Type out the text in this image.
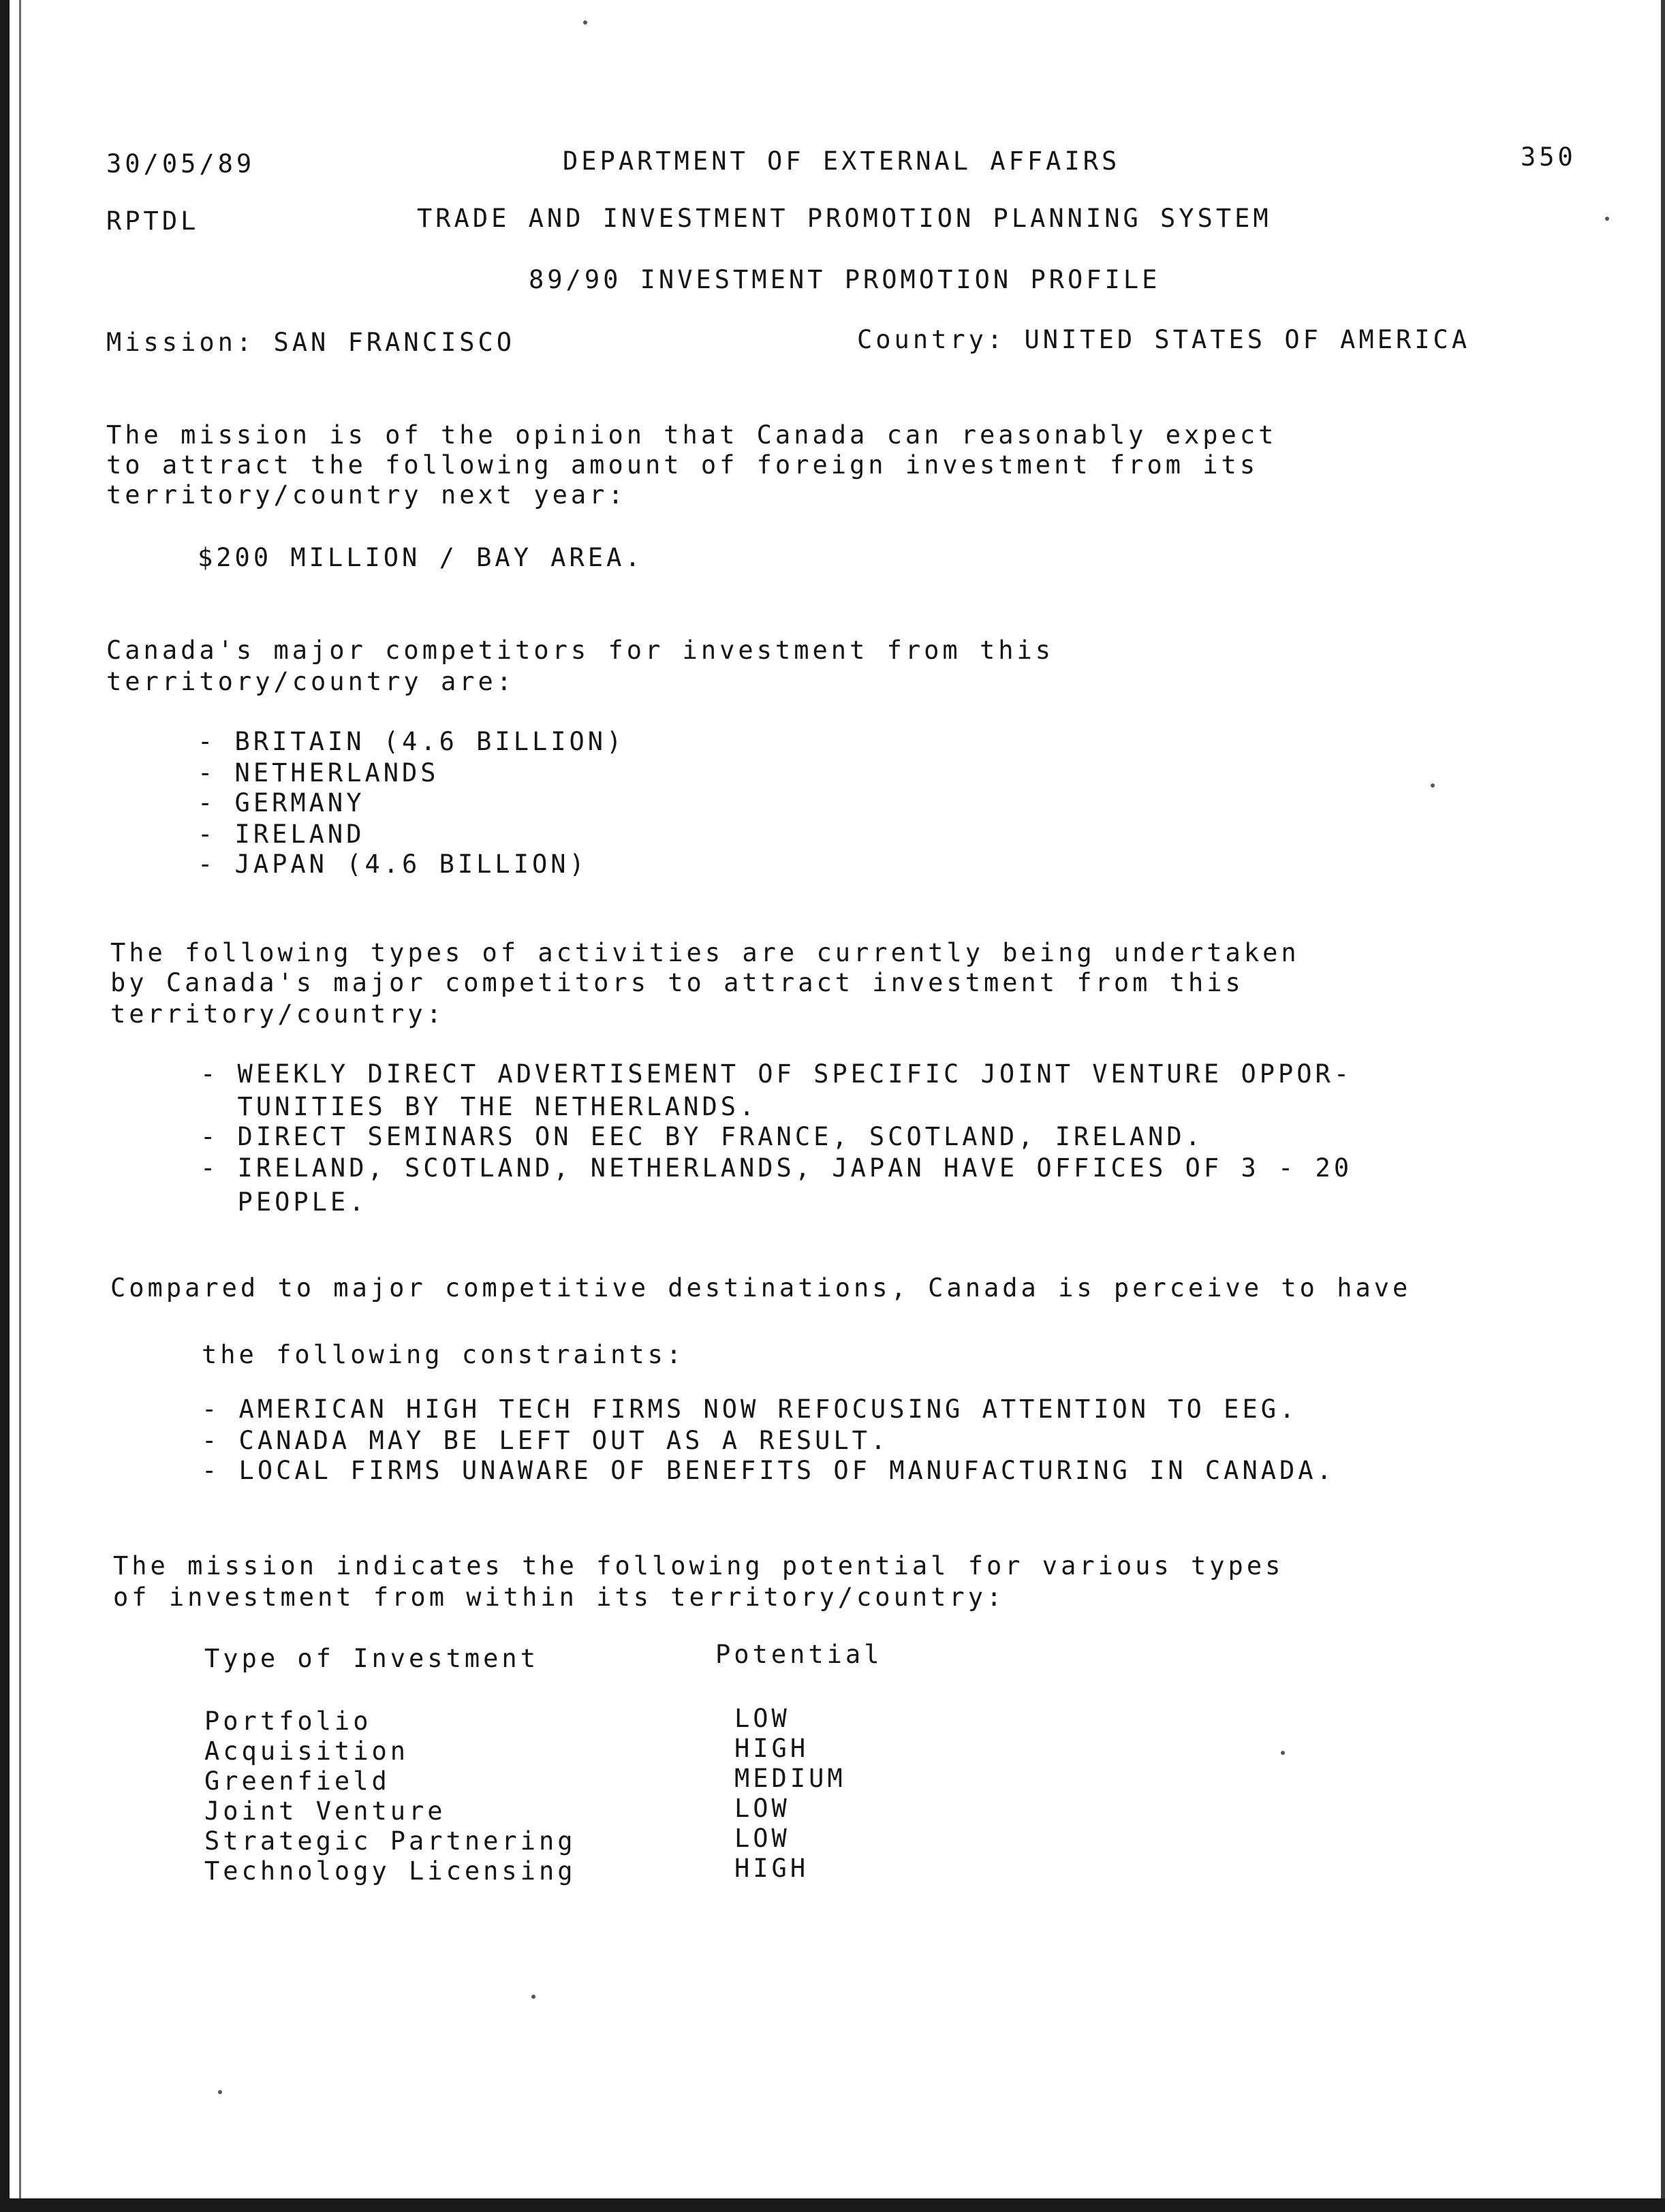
30/05/89	DEPARTMENT OF EXTERNAL AFFAIRS	350
RPTDL	TRADE AND INVESTMENT PROMOTION PLANNING SYSTEM
89/90 INVESTMENT PROMOTION PROFILE
Mission: SAN FRANCISCO	Country: UNITED STATES OF AMERICA
The mission is of the opinion that Canada can reasonably expect
to attract the following amount of foreign investment from its
territory/country next year:
$200 MILLION / BAY AREA.
Canada's major competitors for investment from this
territory/country are:
- BRITAIN (4.6 BILLION)
- NETHERLANDS
- GERMANY
- IRELAND
- JAPAN (4.6 BILLION)
The following types of activities are currently being undertaken
by Canada's major competitors to attract investment from this
territory/country:
- WEEKLY DIRECT ADVERTISEMENT OF SPECIFIC JOINT VENTURE OPPOR-
TUNITIES BY THE NETHERLANDS.
- DIRECT SEMINARS ON EEC BY FRANCE, SCOTLAND, IRELAND.
- IRELAND, SCOTLAND, NETHERLANDS, JAPAN HAVE OFFICES OF 3 - 20
PEOPLE.
Compared to major competitive destinations, Canada is perceive to have
the following constraints:
- AMERICAN HIGH TECH FIRMS NOW REFOCUSING ATTENTION TO EEG.
- CANADA MAY BE LEFT OUT AS A RESULT.
- LOCAL FIRMS UNAWARE OF BENEFITS OF MANUFACTURING IN CANADA.
The mission indicates the following potential for various types
of investment from within its territory/country:
Type of Investment	Potential
Portfolio	LOW
Acquisition	HIGH
Greenfield	MEDIUM
Joint Venture	LOW
Strategic Partnering	LOW
Technology Licensing	HIGH
